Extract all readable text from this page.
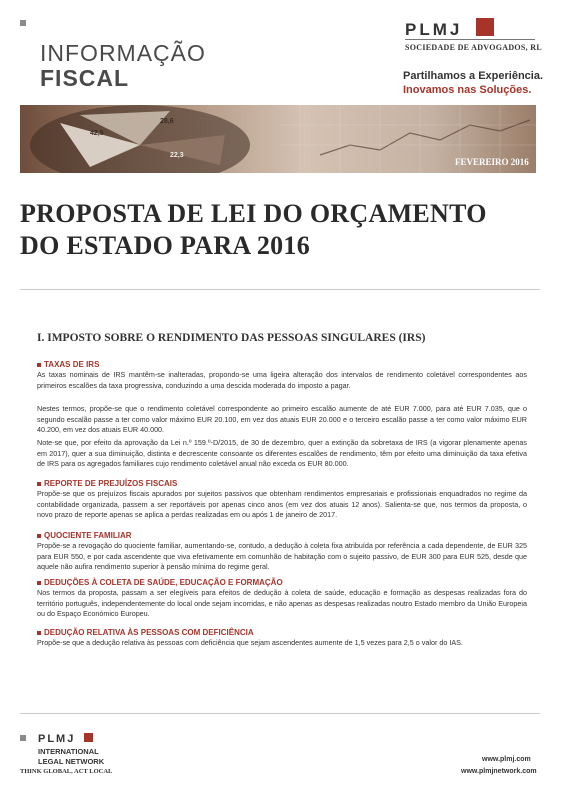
INFORMAÇÃO
FISCAL
PLMJ
SOCIEDADE DE ADVOGADOS, RL
Partilhamos a Experiência.
Inovamos nas Soluções.
42,5
28,6
22,3
FEVEREIRO 2016
PROPOSTA DE LEI DO ORÇAMENTO
DO ESTADO PARA 2016
I. IMPOSTO SOBRE O RENDIMENTO DAS PESSOAS SINGULARES (IRS)
TAXAS DE IRS
As taxas nominais de IRS mantêm-se inalteradas, propondo-se uma ligeira alteração dos intervalos de rendimento coletável correspondentes aos primeiros escalões da taxa progressiva, conduzindo a uma descida moderada do imposto a pagar.
Nestes termos, propõe-se que o rendimento coletável correspondente ao primeiro escalão aumente de até EUR 7.000, para até EUR 7.035, que o segundo escalão passe a ter como valor máximo EUR 20.100, em vez dos atuais EUR 20.000 e o terceiro escalão passe a ter como valor máximo EUR 40.200, em vez dos atuais EUR 40.000.
Note-se que, por efeito da aprovação da Lei n.º 159.º-D/2015, de 30 de dezembro, quer a extinção da sobretaxa de IRS (a vigorar plenamente apenas em 2017), quer a sua diminuição, distinta e decrescente consoante os diferentes escalões de rendimento, têm por efeito uma diminuição da taxa efetiva de IRS para os agregados familiares cujo rendimento coletável anual não exceda os EUR 80.000.
REPORTE DE PREJUÍZOS FISCAIS
Propõe-se que os prejuízos fiscais apurados por sujeitos passivos que obtenham rendimentos empresariais e profissionais enquadrados no regime da contabilidade organizada, passem a ser reportáveis por apenas cinco anos (em vez dos atuais 12 anos). Salienta-se que, nos termos da proposta, o novo prazo de reporte apenas se aplica a perdas realizadas em ou após 1 de janeiro de 2017.
QUOCIENTE FAMILIAR
Propõe-se a revogação do quociente familiar, aumentando-se, contudo, a dedução à coleta fixa atribuída por referência a cada dependente, de EUR 325 para EUR 550, e por cada ascendente que viva efetivamente em comunhão de habitação com o sujeito passivo, de EUR 300 para EUR 525, desde que aquele não aufira rendimento superior à pensão mínima do regime geral.
DEDUÇÕES À COLETA DE SAÚDE, EDUCAÇÃO E FORMAÇÃO
Nos termos da proposta, passam a ser elegíveis para efeitos de dedução à coleta de saúde, educação e formação as despesas realizadas fora do território português, independentemente do local onde sejam incorridas, e não apenas as despesas realizadas noutro Estado membro da União Europeia ou do Espaço Económico Europeu.
DEDUÇÃO RELATIVA ÀS PESSOAS COM DEFICIÊNCIA
Propõe-se que a dedução relativa às pessoas com deficiência que sejam ascendentes aumente de 1,5 vezes para 2,5 o valor do IAS.
PLMJ
INTERNATIONAL
LEGAL NETWORK
THINK GLOBAL, ACT LOCAL
www.plmj.com
www.plmjnetwork.com
